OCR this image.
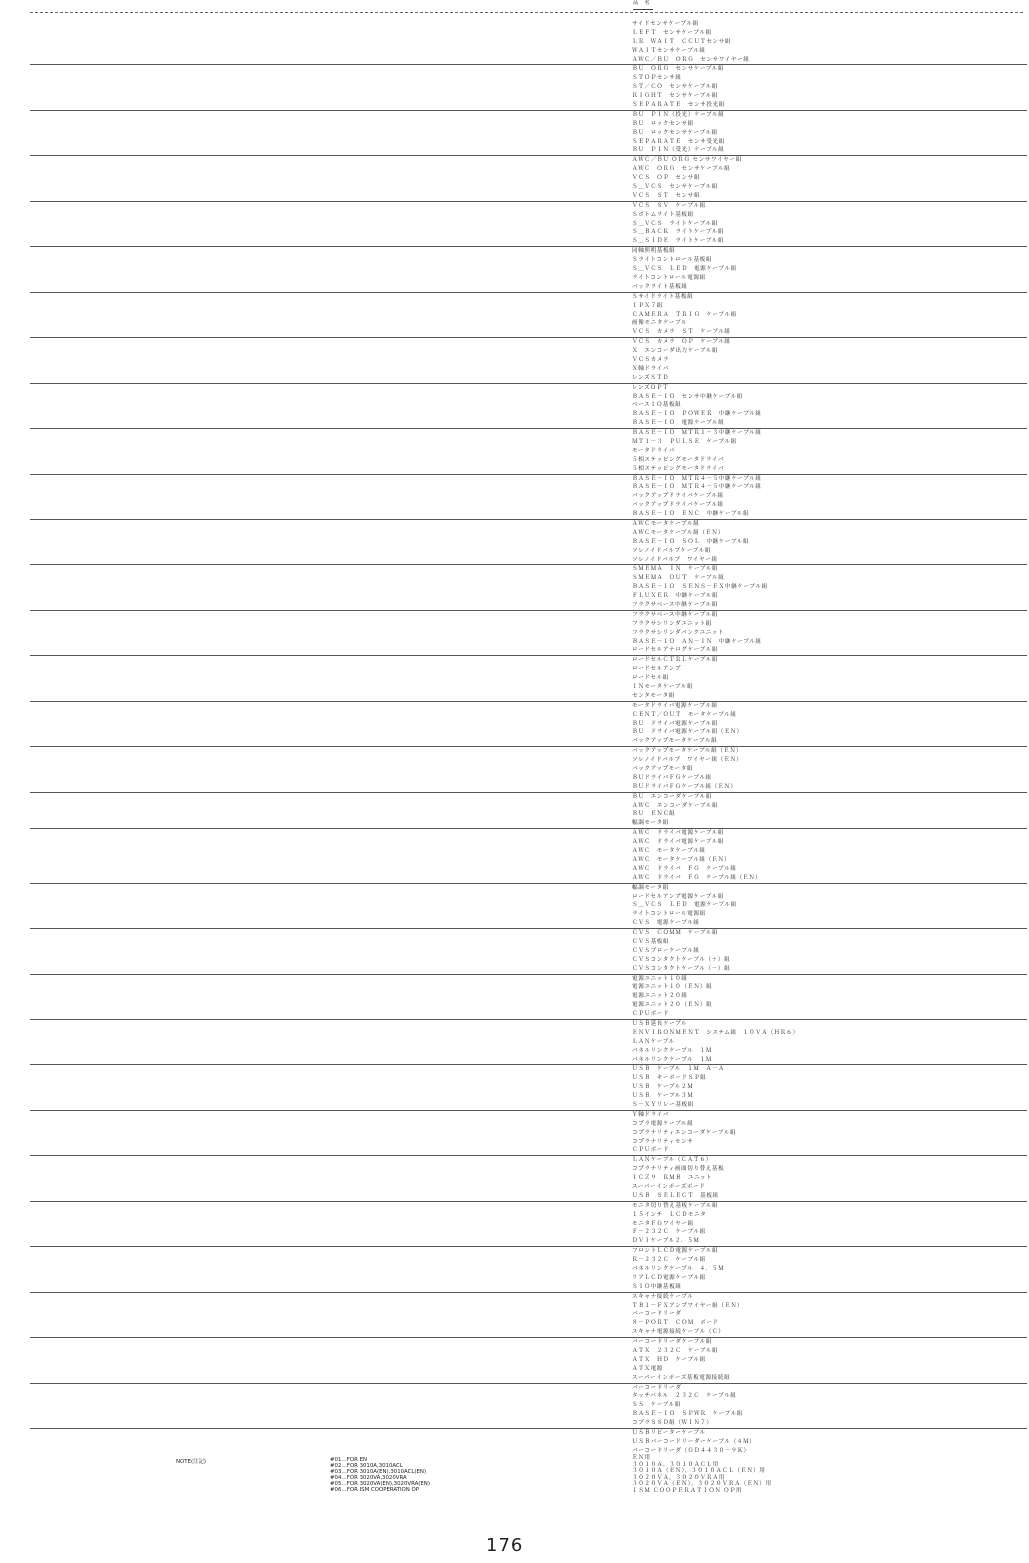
品　名
サイドセンサケーブル組
ＬＥＦＴ　センサケーブル組
ＬＲ　ＷＡＩＴ　ＣＣＵＴセンサ組
ＷＡＩＴセンサケーブル組
ＡＷＣ／ＢＵ　ＯＲＧ　センサワイヤー組
ＢＵ　ＯＲＧ　センサケーブル組
ＳＴＯＰセンサ組
ＳＴ／ＣＯ　センサケーブル組
ＲＩＧＨＴ　センサケーブル組
ＳＥＰＡＲＡＴＥ　センサ投光組
ＢＵ　ＰＩＮ（投光）ケーブル組
ＢＵ　ロックセンサ組
ＢＵ　ロックセンサケーブル組
ＳＥＰＡＲＡＴＥ　センサ受光組
ＢＵ　ＰＩＮ（受光）ケーブル組
ＡＷＣ／ＢＵ ＯＲＧ センサワイヤー組
ＡＷＣ　ＯＲＧ　センサケーブル組
ＶＣＳ　ＯＰ　センサ組
Ｓ＿ＶＣＳ　センサケーブル組
ＶＣＳ　ＳＴ　センサ組
ＶＣＳ　ＳＶ　ケーブル組
Ｓボトムライト基板組
Ｓ＿ＶＣＳ　ライトケーブル組
Ｓ＿ＢＡＣＫ　ライトケーブル組
Ｓ＿ＳＩＤＥ　ライトケーブル組
同軸照明基板組
Ｓライトコントロール基板組
Ｓ＿ＶＣＳ　ＬＥＤ　電源ケーブル組
ライトコントロール電源組
バックライト基板組
Ｓサイドライト基板組
ＩＰＸ７組
ＣＡＭＥＲＡ　ＴＲＩＧ　ケーブル組
画像モニタケーブル
ＶＣＳ　カメラ　ＳＴ　ケーブル組
ＶＣＳ　カメラ　ＯＰ　ケーブル組
Ｘ　エンコーダ出力ケーブル組
ＶＣＳカメラ
Ｘ軸ドライバ
レンズＳＴＤ
レンズＯＰＴ
ＢＡＳＥ－ＩＯ　センサ中継ケーブル組
ベースＩＯ基板組
ＢＡＳＥ－ＩＯ　ＰＯＷＥＲ　中継ケーブル組
ＢＡＳＥ－ＩＯ　電源ケーブル組
ＢＡＳＥ－ＩＯ　ＭＴＲ１－３中継ケーブル組
ＭＴ１－３　ＰＵＬＳＥ　ケーブル組
モータドライバ
５相ステッピングモータドライバ
５相ステッピングモータドライバ
ＢＡＳＥ－ＩＯ　ＭＴＲ４－５中継ケーブル組
ＢＡＳＥ－ＩＯ　ＭＴＲ４－５中継ケーブル組
バックアップドライバケーブル組
バックアップドライバケーブル組
ＢＡＳＥ－ＩＯ　ＥＮＣ　中継ケーブル組
ＡＷＣモータケーブル組
ＡＷＣモータケーブル組（ＥＮ）
ＢＡＳＥ－ＩＯ　ＳＯＬ　中継ケーブル組
ソレノイドバルブケーブル組
ソレノイドバルブ　ワイヤー組
ＳＭＥＭＡ　ＩＮ　ケーブル組
ＳＭＥＭＡ　ＯＵＴ　ケーブル組
ＢＡＳＥ－ＩＯ　ＳＥＮＳ－ＦＸ中継ケーブル組
ＦＬＵＸＥＲ　中継ケーブル組
フラクサベース中継ケーブル組
フラクサベース中継ケーブル組
フラクサシリンダユニット組
フラクサシリンダバンクユニット
ＢＡＳＥ－ＩＯ　ＡＮ－ＩＮ　中継ケーブル組
ロードセルアナログケーブル組
ロードセルＣＴＲＬケーブル組
ロードセルアンプ
ロードセル組
ＩＮモータケーブル組
センタモータ組
モータドライバ電源ケーブル組
ＣＥＮＴ／ＯＵＴ　モータケーブル組
ＢＵ　ドライバ電源ケーブル組
ＢＵ　ドライバ電源ケーブル組（ＥＮ）
バックアップモータケーブル組
バックアップモータケーブル組（ＥＮ）
ソレノイドバルブ　ワイヤー組（ＥＮ）
バックアップモータ組
ＢＵドライバＦＧケーブル組
ＢＵドライバＦＧケーブル組（ＥＮ）
ＢＵ　エンコーダケーブル組
ＡＷＣ　エンコーダケーブル組
ＢＵ　ＥＮＣ組
幅調モータ組
ＡＷＣ　ドライバ電源ケーブル組
ＡＷＣ　ドライバ電源ケーブル組
ＡＷＣ　モータケーブル組
ＡＷＣ　モータケーブル組（ＥＮ）
ＡＷＣ　ドライバ　ＦＧ　ケーブル組
ＡＷＣ　ドライバ　ＦＧ　ケーブル組（ＥＮ）
幅調モータ組
ロードセルアンプ電源ケーブル組
Ｓ＿ＶＣＳ　ＬＥＤ　電源ケーブル組
ライトコントロール電源組
ＣＶＳ　電源ケーブル組
ＣＶＳ　ＣＯＭＭ　ケーブル組
ＣＶＳ基板組
ＣＶＳブローケーブル組
ＣＶＳコンタクトケーブル（＋）組
ＣＶＳコンタクトケーブル（－）組
電源ユニット１０組
電源ユニット１０（ＥＮ）組
電源ユニット２０組
電源ユニット２０（ＥＮ）組
ＣＰＵボード
ＵＳＢ延長ケーブル
ＥＮＶＩＲＯＮＭＥＮＴ　システム組　１０ＶＡ（ＨＲ６）
ＬＡＮケーブル
パネルリンクケーブル　１Ｍ
パネルリンクケーブル　１Ｍ
ＵＳＢ　ケーブル　１Ｍ　Ａ－Ａ
ＵＳＢ　キーボードＳＰ組
ＵＳＢ　ケーブル２Ｍ
ＵＳＢ　ケーブル３Ｍ
Ｓ－ＸＹリレー基板組
Ｙ軸ドライバ
コプラ電源ケーブル組
コプラナリティエンコーダケーブル組
コプラナリティセンサ
ＣＰＵボード
ＬＡＮケーブル（ＣＡＴ６）
コプラナリティ画面切り替え基板
ＩＣＺ９　ＲＭＢ　ユニット
スーパーインポーズボード
ＵＳＢ　ＳＥＬＥＣＴ　基板組
モニタ切り替え基板ケーブル組
１５インチ　ＬＣＤモニタ
モニタＦＧワイヤー組
Ｆ－２３２Ｃ　ケーブル組
ＤＶＩケーブル２．５Ｍ
フロントＬＣＤ電源ケーブル組
Ｒ－２３２Ｃ　ケーブル組
パネルリンクケーブル　４．５Ｍ
リアＬＣＤ電源ケーブル組
ＳＩＯ中継基板組
スキャナ接続ケーブル
ＴＢ１－ＦＸアンプワイヤー組（ＥＮ）
バーコードリーダ
８－ＰＯＲＴ　ＣＯＭ　ボード
スキャナ電源接続ケーブル（Ｃ）
バーコードリーダケーブル組
ＡＴＸ　２３２Ｃ　ケーブル組
ＡＴＸ　ＨＤ　ケーブル組
ＡＴＸ電源
スーパーインポーズ基板電源接続組
バーコードリーダ
タッチパネル　２３２Ｃ　ケーブル組
ＳＳ　ケーブル組
ＢＡＳＥ－ＩＯ　ＳＰＷＲ　ケーブル組
コプラＳＳＤ組（ＷＩＮ７）
ＵＳＢリピーターケーブル
ＵＳＢバーコードリーダーケーブル（４Ｍ）
バーコードリーダ（ＧＤ４４３０－９Ｋ）
NOTE(注記)	#01…FOR EN
#02…FOR 3010A,3010ACL
#03…FOR 3010A(EN),3010ACL(EN)
#04…FOR 3020VA,3020VRA
#05…FOR 3020VA(EN),3020VRA(EN)
#06…FOR ISM COOPERATION OP
ＥＮ用
３０１０Ａ，３０１０ＡＣＬ用
３０１０Ａ（ＥＮ），３０１０ＡＣＬ（ＥＮ）用
３０２０ＶＡ，３０２０ＶＲＡ用
３０２０ＶＡ（ＥＮ），３０２０ＶＲＡ（ＥＮ）用
ＩＳＭ ＣＯＯＰＥＲＡＴＩＯＮ ＯＰ用
176
